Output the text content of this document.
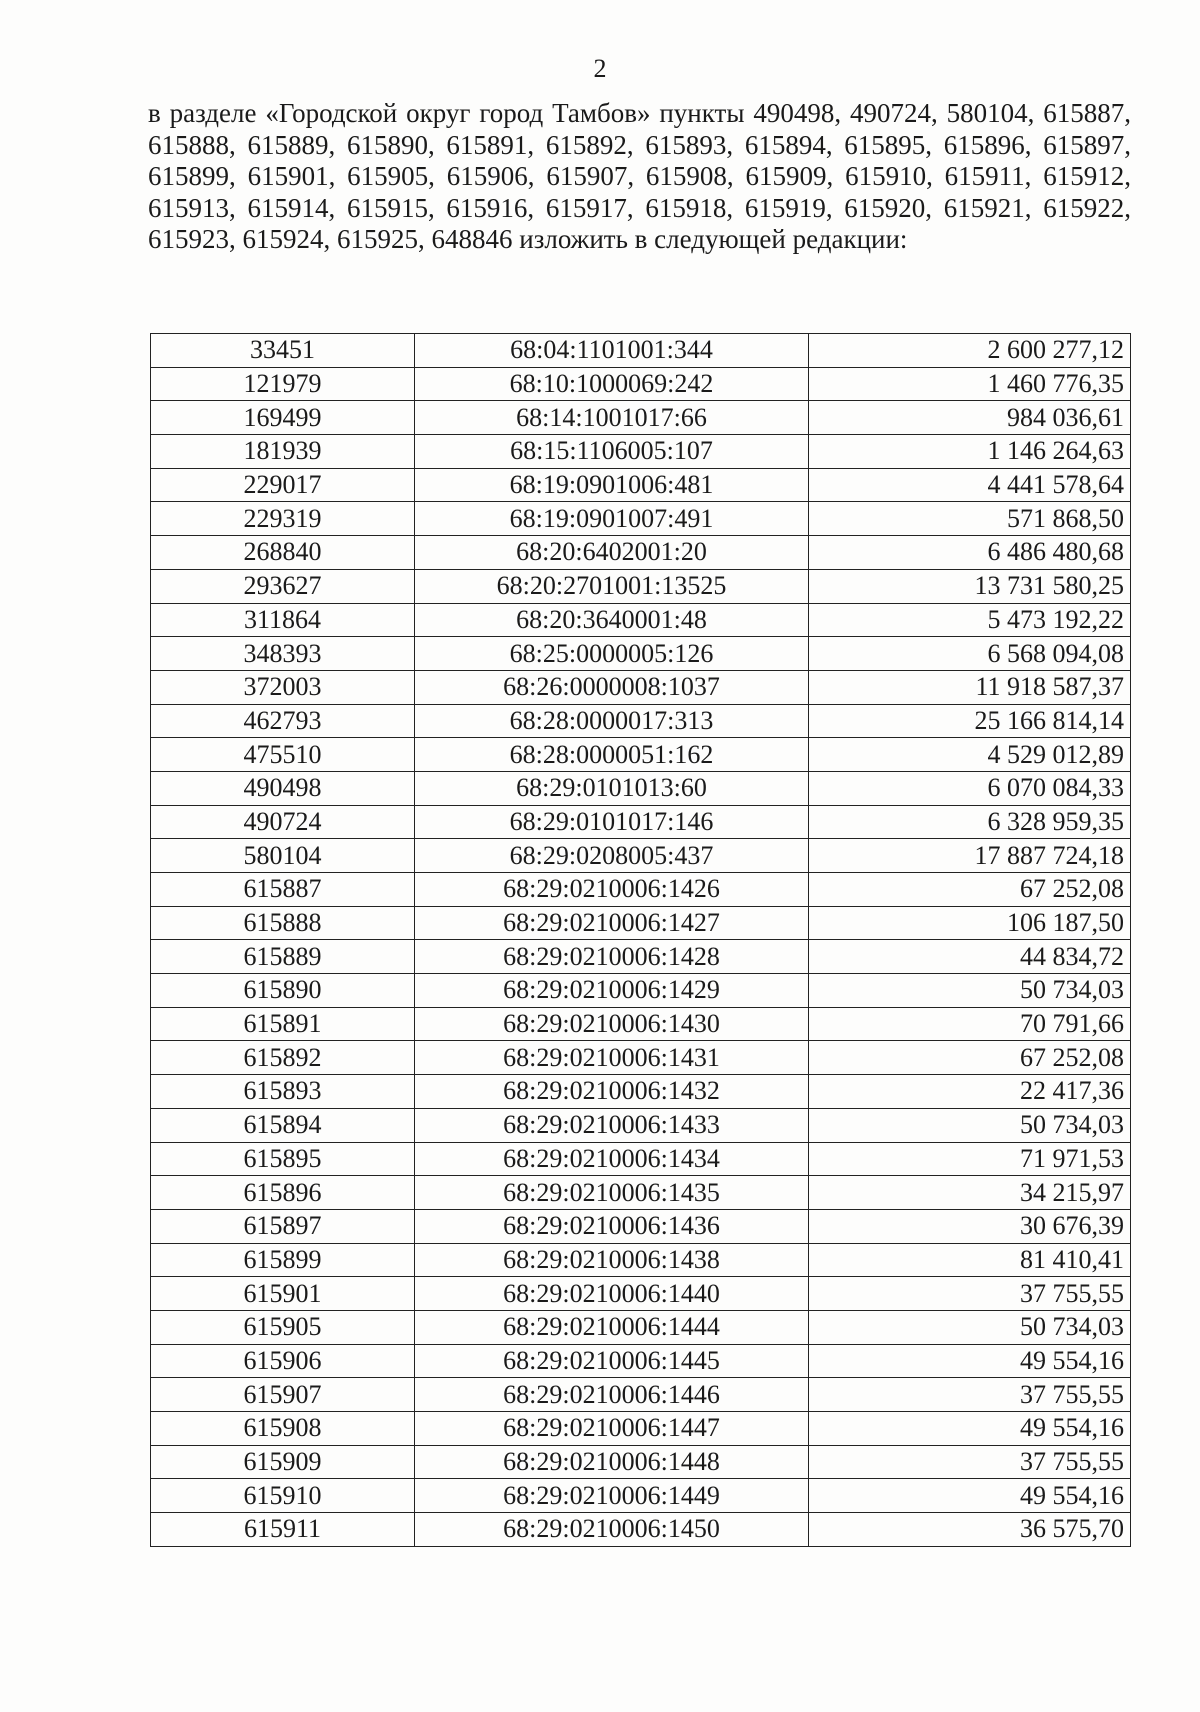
2

в разделе «Городской округ город Тамбов» пункты 490498, 490724, 580104, 615887, 615888, 615889, 615890, 615891, 615892, 615893, 615894, 615895, 615896, 615897, 615899, 615901, 615905, 615906, 615907, 615908, 615909, 615910, 615911, 615912, 615913, 615914, 615915, 615916, 615917, 615918, 615919, 615920, 615921, 615922, 615923, 615924, 615925, 648846 изложить в следующей редакции:

33451	68:04:1101001:344	2 600 277,12
121979	68:10:1000069:242	1 460 776,35
169499	68:14:1001017:66	984 036,61
181939	68:15:1106005:107	1 146 264,63
229017	68:19:0901006:481	4 441 578,64
229319	68:19:0901007:491	571 868,50
268840	68:20:6402001:20	6 486 480,68
293627	68:20:2701001:13525	13 731 580,25
311864	68:20:3640001:48	5 473 192,22
348393	68:25:0000005:126	6 568 094,08
372003	68:26:0000008:1037	11 918 587,37
462793	68:28:0000017:313	25 166 814,14
475510	68:28:0000051:162	4 529 012,89
490498	68:29:0101013:60	6 070 084,33
490724	68:29:0101017:146	6 328 959,35
580104	68:29:0208005:437	17 887 724,18
615887	68:29:0210006:1426	67 252,08
615888	68:29:0210006:1427	106 187,50
615889	68:29:0210006:1428	44 834,72
615890	68:29:0210006:1429	50 734,03
615891	68:29:0210006:1430	70 791,66
615892	68:29:0210006:1431	67 252,08
615893	68:29:0210006:1432	22 417,36
615894	68:29:0210006:1433	50 734,03
615895	68:29:0210006:1434	71 971,53
615896	68:29:0210006:1435	34 215,97
615897	68:29:0210006:1436	30 676,39
615899	68:29:0210006:1438	81 410,41
615901	68:29:0210006:1440	37 755,55
615905	68:29:0210006:1444	50 734,03
615906	68:29:0210006:1445	49 554,16
615907	68:29:0210006:1446	37 755,55
615908	68:29:0210006:1447	49 554,16
615909	68:29:0210006:1448	37 755,55
615910	68:29:0210006:1449	49 554,16
615911	68:29:0210006:1450	36 575,70
